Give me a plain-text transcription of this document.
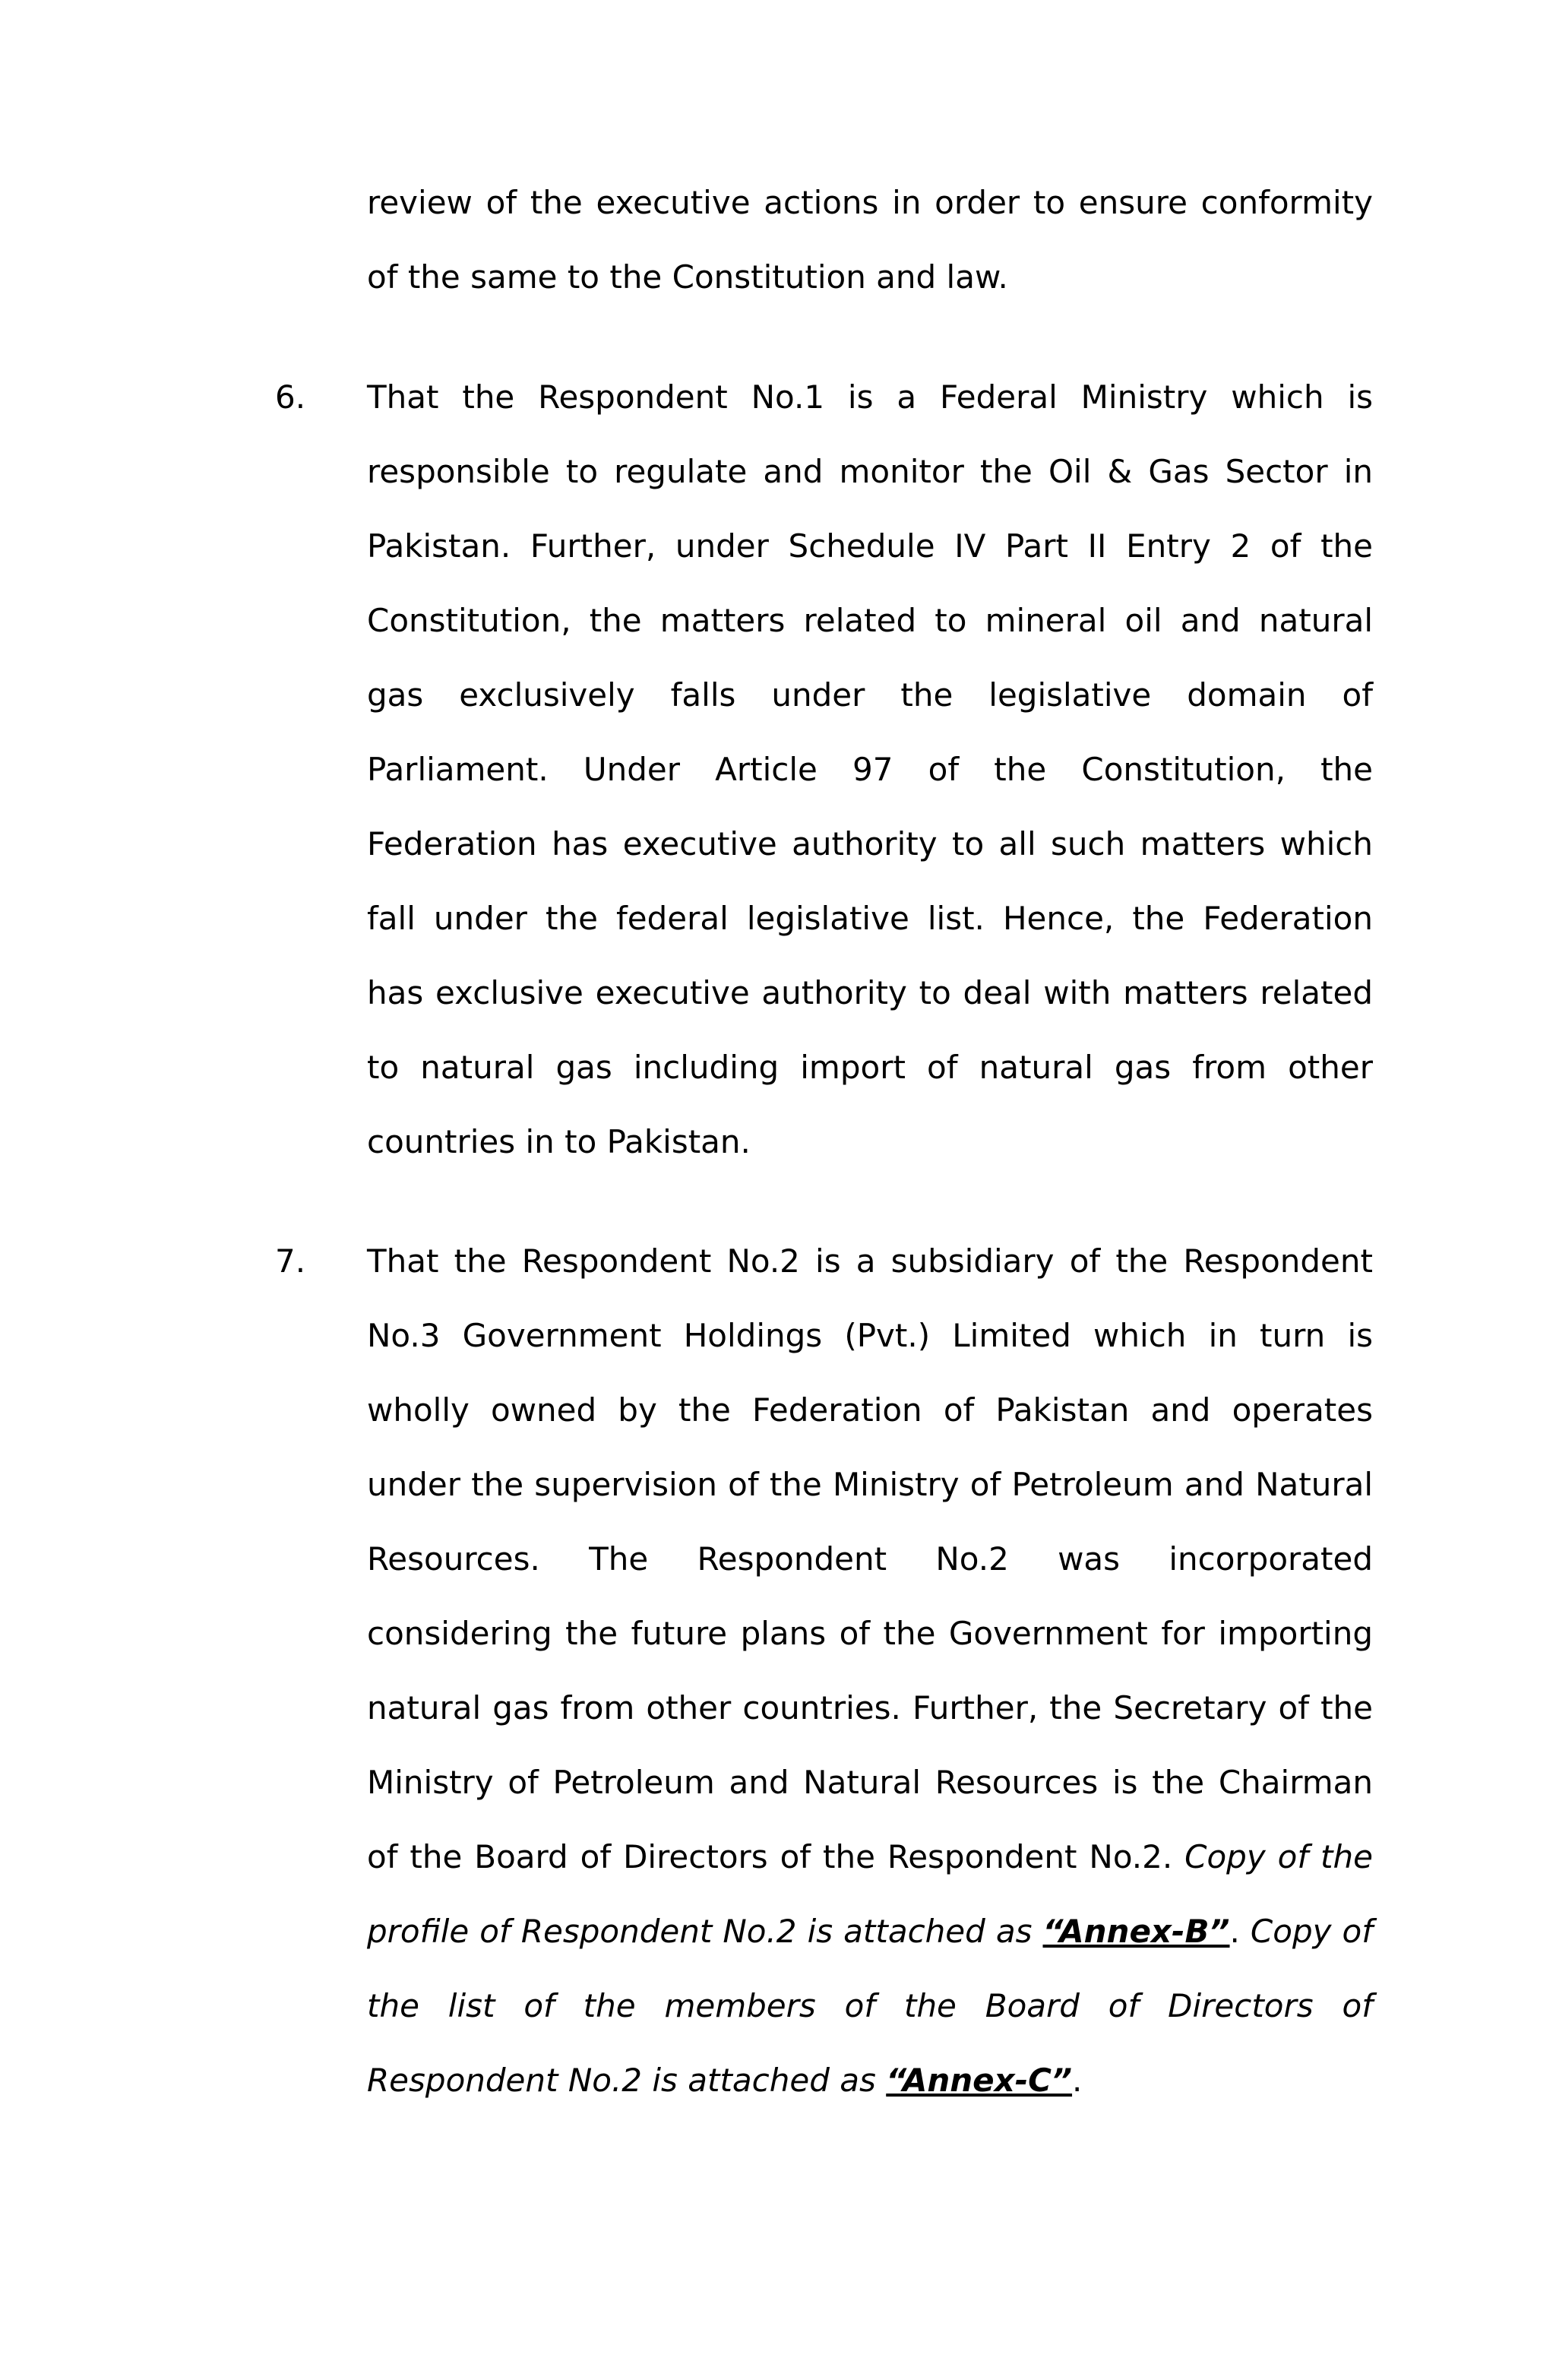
review of the executive actions in order to ensure conformity of the same to the Constitution and law.

6. That the Respondent No.1 is a Federal Ministry which is responsible to regulate and monitor the Oil & Gas Sector in Pakistan. Further, under Schedule IV Part II Entry 2 of the Constitution, the matters related to mineral oil and natural gas exclusively falls under the legislative domain of Parliament. Under Article 97 of the Constitution, the Federation has executive authority to all such matters which fall under the federal legislative list. Hence, the Federation has exclusive executive authority to deal with matters related to natural gas including import of natural gas from other countries in to Pakistan.

7. That the Respondent No.2 is a subsidiary of the Respondent No.3 Government Holdings (Pvt.) Limited which in turn is wholly owned by the Federation of Pakistan and operates under the supervision of the Ministry of Petroleum and Natural Resources. The Respondent No.2 was incorporated considering the future plans of the Government for importing natural gas from other countries. Further, the Secretary of the Ministry of Petroleum and Natural Resources is the Chairman of the Board of Directors of the Respondent No.2. Copy of the profile of Respondent No.2 is attached as “Annex-B”. Copy of the list of the members of the Board of Directors of Respondent No.2 is attached as “Annex-C”.
